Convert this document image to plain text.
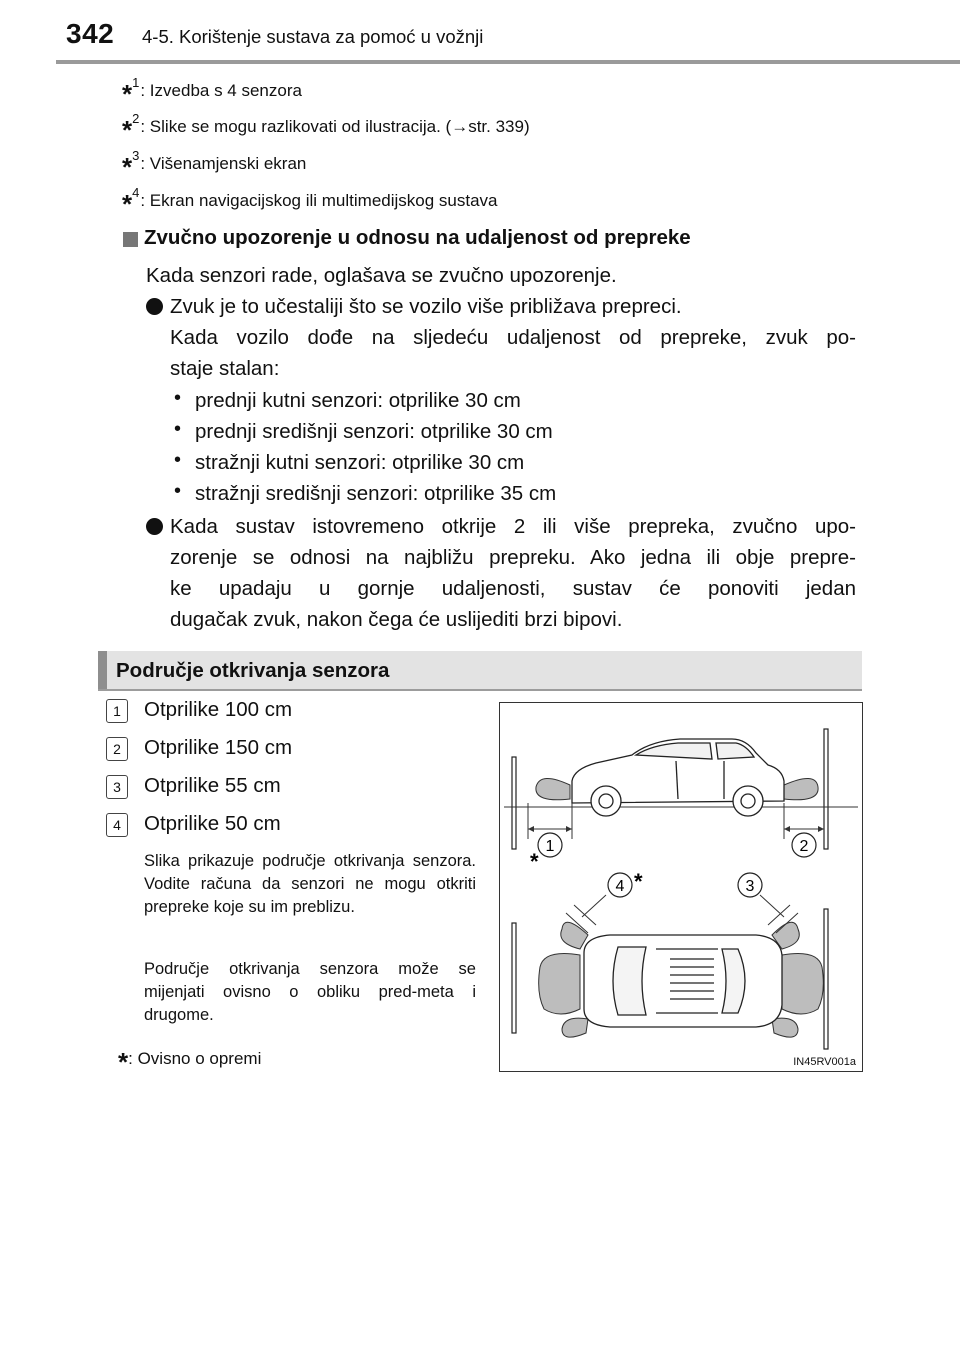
342 4-5. Korištenje sustava za pomoć u vožnji
*$^1$: Izvedba s 4 senzora
*$^2$: Slike se mogu razlikovati od ilustracija. (→str. 339)
*$^3$: Višenamjenski ekran
*$^4$: Ekran navigacijskog ili multimedijskog sustava
Zvučno upozorenje u odnosu na udaljenost od prepreke
Kada senzori rade, oglašava se zvučno upozorenje.
Zvuk je to učestaliji što se vozilo više približava prepreci.
Kada vozilo dođe na sljedeću udaljenost od prepreke, zvuk po-
staje stalan:
• prednji kutni senzori: otprilike 30 cm
• prednji središnji senzori: otprilike 30 cm
• stražnji kutni senzori: otprilike 30 cm
• stražnji središnji senzori: otprilike 35 cm
Kada sustav istovremeno otkrije 2 ili više prepreka, zvučno upo-
zorenje se odnosi na najbližu prepreku. Ako jedna ili obje prepre-
ke upadaju u gornje udaljenosti, sustav će ponoviti jedan
dugačak zvuk, nakon čega će uslijediti brzi bipovi.
Područje otkrivanja senzora
1	Otprilike 100 cm
2	Otprilike 150 cm
3	Otprilike 55 cm
4	Otprilike 50 cm
Slika prikazuje područje otkrivanja senzora. Vodite računa da senzori ne mogu otkriti prepreke koje su im preblizu.
Područje otkrivanja senzora može se mijenjati ovisno o obliku pred-meta i drugome.
*: Ovisno o opremi
1	2
*
4 *	3
IN45RV001a
